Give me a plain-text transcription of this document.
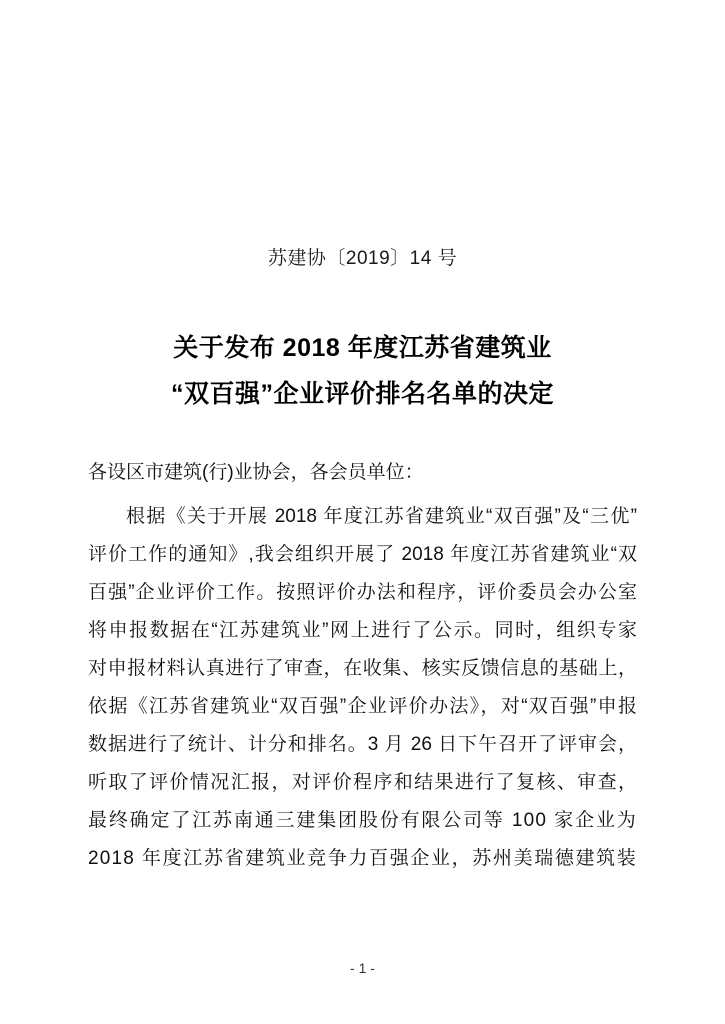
苏建协〔2019〕14 号
关于发布 2018 年度江苏省建筑业
“双百强”企业评价排名名单的决定
各设区市建筑(行)业协会，各会员单位：
根据《关于开展 2018 年度江苏省建筑业“双百强”及“三优”
评价工作的通知》,我会组织开展了 2018 年度江苏省建筑业“双
百强”企业评价工作。按照评价办法和程序，评价委员会办公室
将申报数据在“江苏建筑业”网上进行了公示。同时，组织专家
对申报材料认真进行了审查，在收集、核实反馈信息的基础上，
依据《江苏省建筑业“双百强”企业评价办法》，对“双百强”申报
数据进行了统计、计分和排名。3 月 26 日下午召开了评审会，
听取了评价情况汇报，对评价程序和结果进行了复核、审查，
最终确定了江苏南通三建集团股份有限公司等 100 家企业为
2018 年度江苏省建筑业竞争力百强企业，苏州美瑞德建筑装
- 1 -
